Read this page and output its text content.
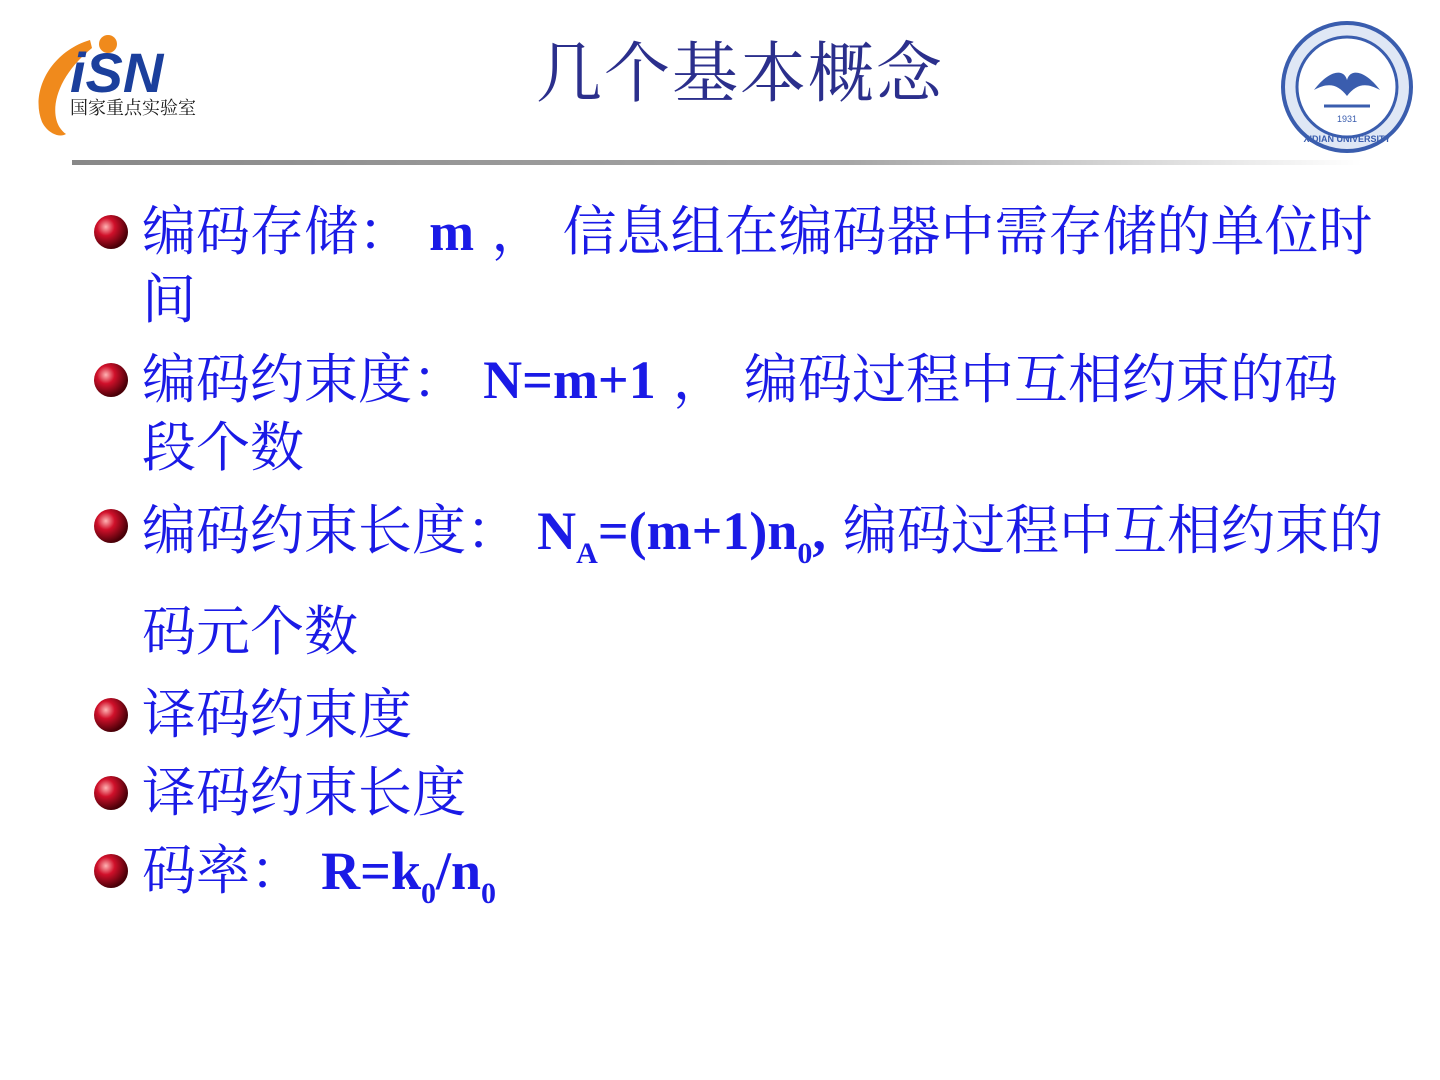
iSN
国家重点实验室	几个基本概念
1931
XIDIAN UNIVERSITY
编码存储： m ， 信息组在编码器中需存储的单位时间
编码约束度： N=m+1 ， 编码过程中互相约束的码段个数
编码约束长度： $N_A=(m+1)n_0$, 编码过程中互相约束的码元个数
译码约束度
译码约束长度
码率： $R=k_0/n_0$
